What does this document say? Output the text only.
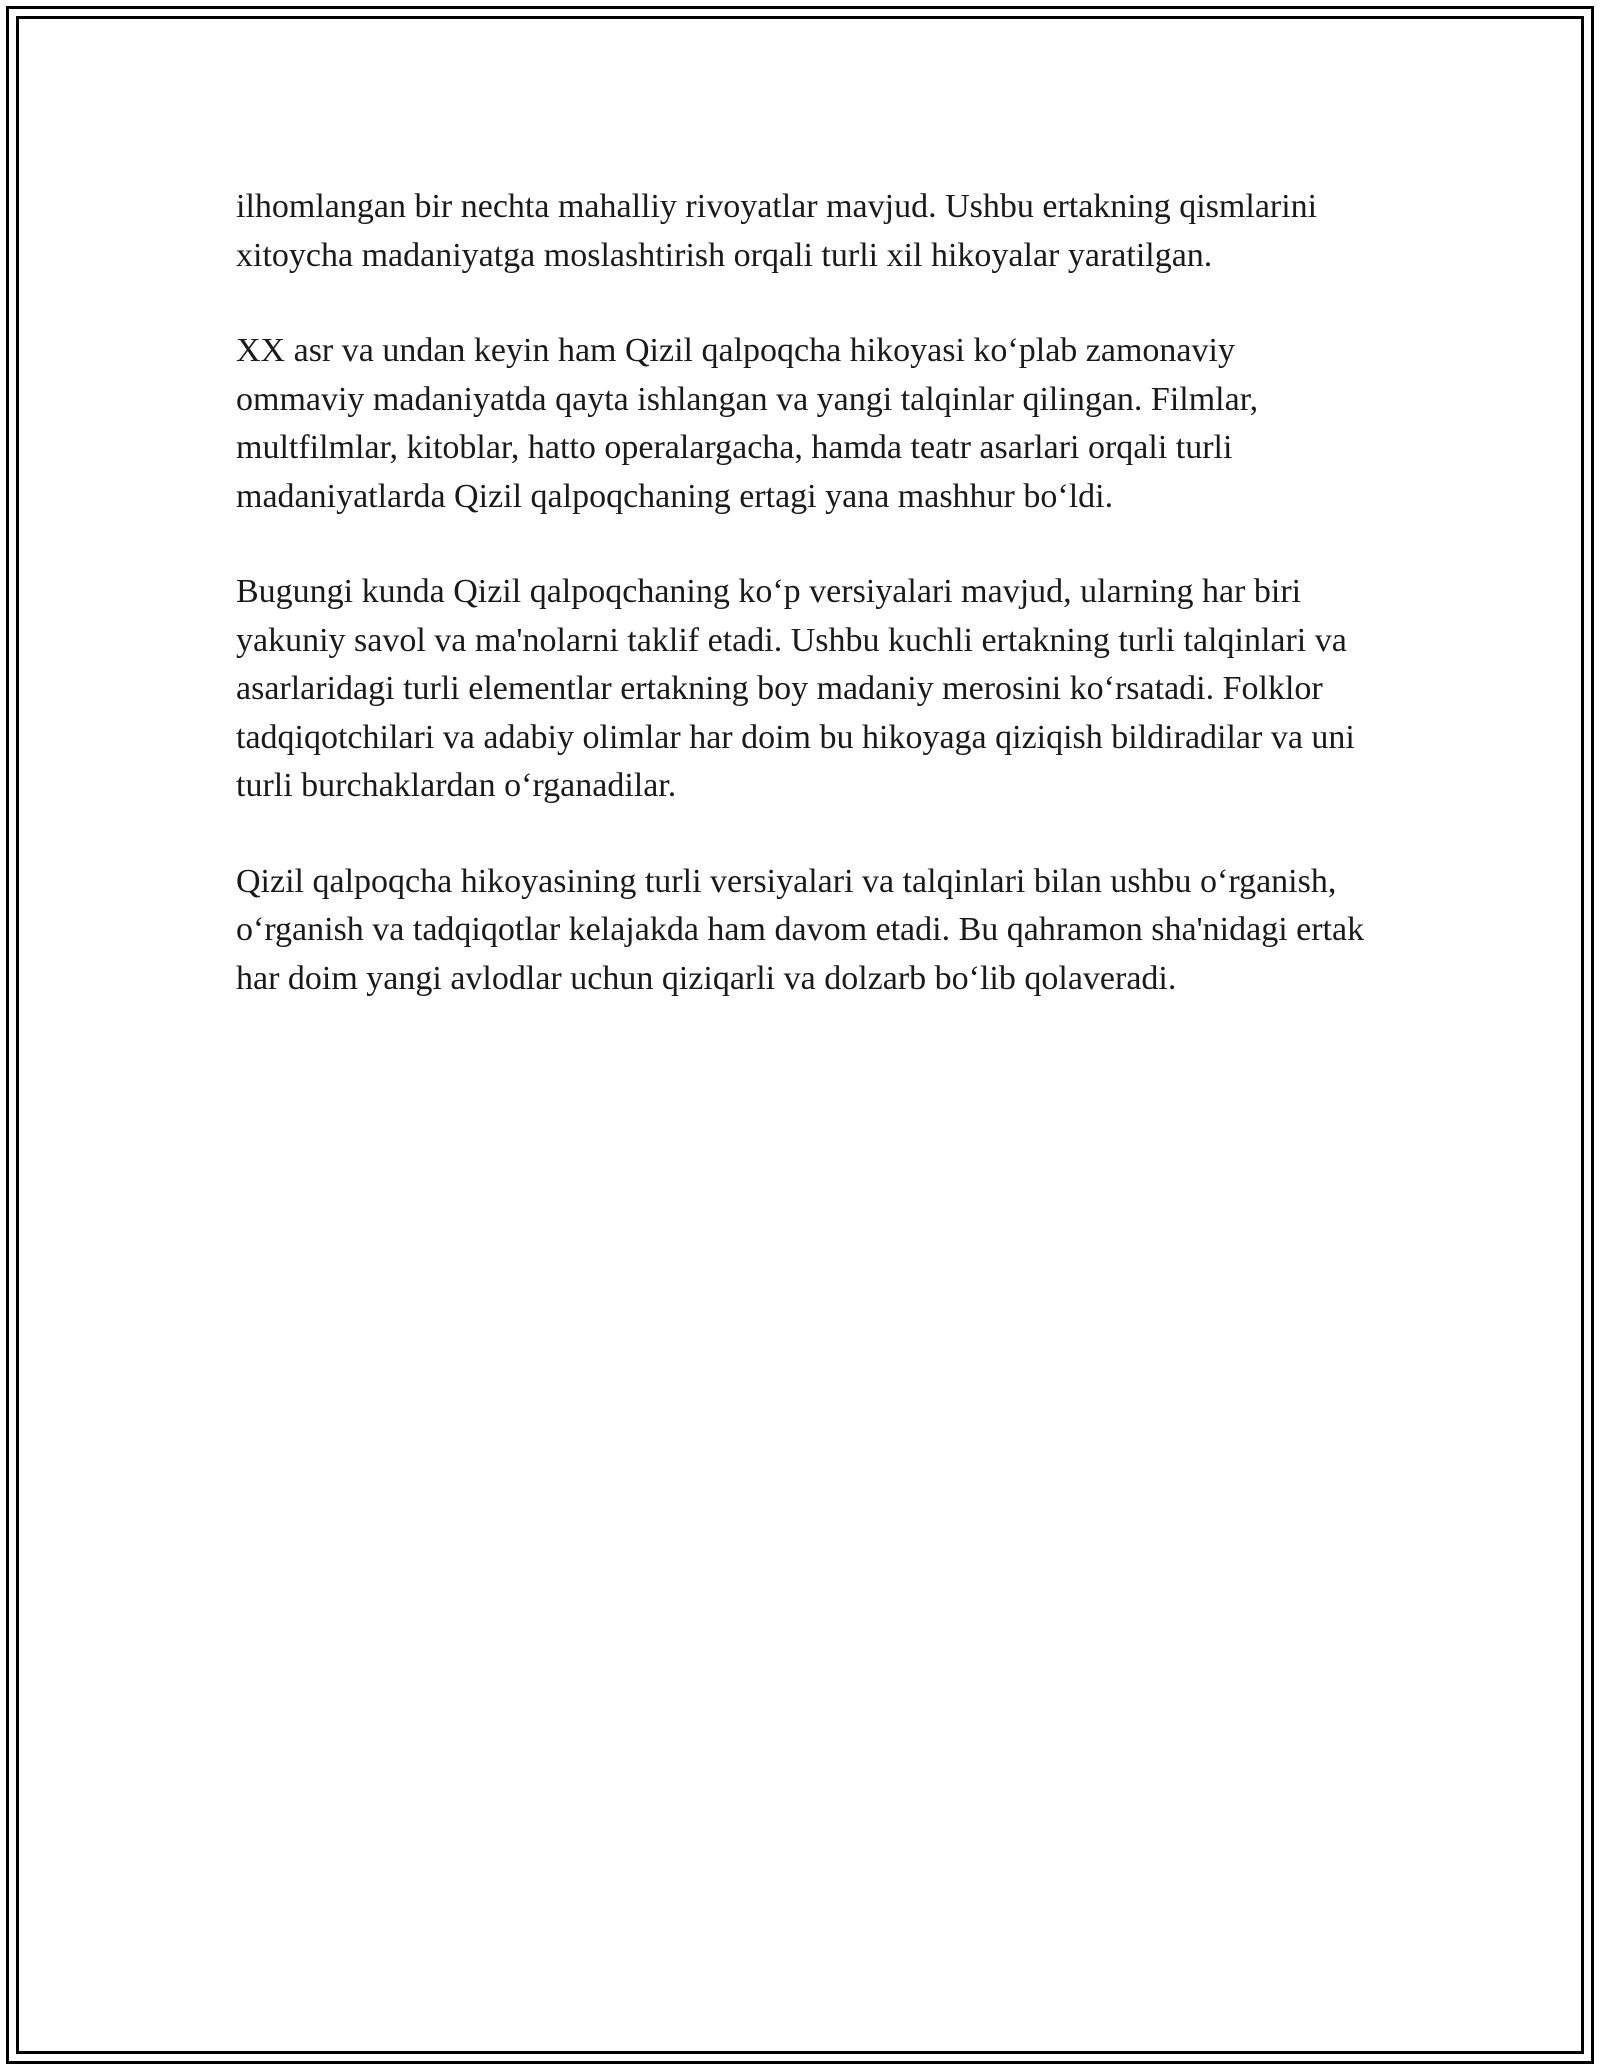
ilhomlangan bir nechta mahalliy rivoyatlar mavjud. Ushbu ertakning qismlarini xitoycha madaniyatga moslashtirish orqali turli xil hikoyalar yaratilgan.

XX asr va undan keyin ham Qizil qalpoqcha hikoyasi ko‘plab zamonaviy ommaviy madaniyatda qayta ishlangan va yangi talqinlar qilingan. Filmlar, multfilmlar, kitoblar, hatto operalargacha, hamda teatr asarlari orqali turli madaniyatlarda Qizil qalpoqchaning ertagi yana mashhur bo‘ldi.

Bugungi kunda Qizil qalpoqchaning ko‘p versiyalari mavjud, ularning har biri yakuniy savol va ma'nolarni taklif etadi. Ushbu kuchli ertakning turli talqinlari va asarlaridagi turli elementlar ertakning boy madaniy merosini ko‘rsatadi. Folklor tadqiqotchilari va adabiy olimlar har doim bu hikoyaga qiziqish bildiradilar va uni turli burchaklardan o‘rganadilar.

Qizil qalpoqcha hikoyasining turli versiyalari va talqinlari bilan ushbu o‘rganish, o‘rganish va tadqiqotlar kelajakda ham davom etadi. Bu qahramon sha'nidagi ertak har doim yangi avlodlar uchun qiziqarli va dolzarb bo‘lib qolaveradi.
